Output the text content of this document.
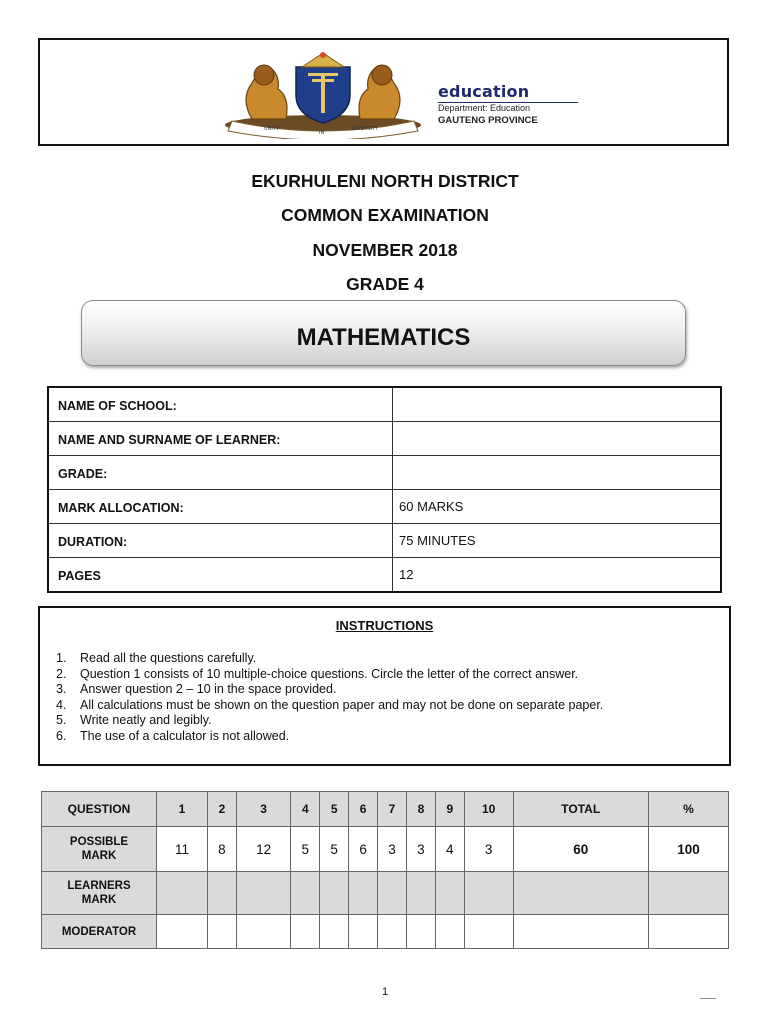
UNITY
IN
DIVERSITY
education
Department: Education
GAUTENG PROVINCE
EKURHULENI NORTH DISTRICT
COMMON EXAMINATION
NOVEMBER 2018
GRADE 4
MATHEMATICS
NAME OF SCHOOL:	
NAME AND SURNAME OF LEARNER:	
GRADE:	
MARK ALLOCATION:	60 MARKS
DURATION:	75 MINUTES
PAGES	12
INSTRUCTIONS
1. Read all the questions carefully.
2. Question 1 consists of 10 multiple-choice questions. Circle the letter of the correct answer.
3. Answer question 2 – 10 in the space provided.
4. All calculations must be shown on the question paper and may not be done on separate paper.
5. Write neatly and legibly.
6. The use of a calculator is not allowed.
QUESTION	1	2	3	4	5	6	7	8	9	10	TOTAL	%
POSSIBLE
MARK	11	8	12	5	5	6	3	3	4	3	60	100
LEARNERS
MARK												
MODERATOR												
1
